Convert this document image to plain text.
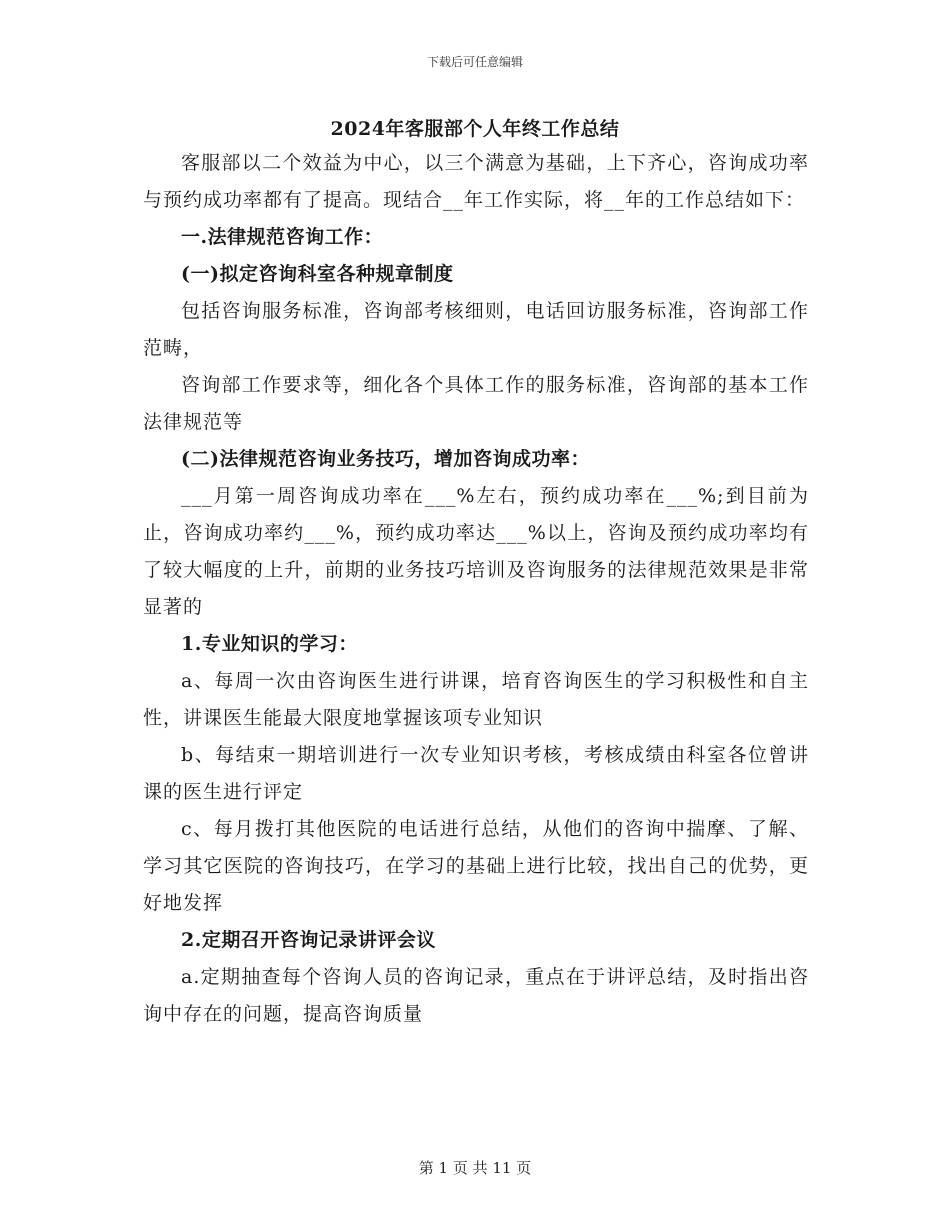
下载后可任意编辑
2024年客服部个人年终工作总结

客服部以二个效益为中心，以三个满意为基础，上下齐心，咨询成功率与预约成功率都有了提高。现结合__年工作实际，将__年的工作总结如下：

一.法律规范咨询工作：

(一)拟定咨询科室各种规章制度

包括咨询服务标准，咨询部考核细则，电话回访服务标准，咨询部工作范畴，

咨询部工作要求等，细化各个具体工作的服务标准，咨询部的基本工作法律规范等

(二)法律规范咨询业务技巧，增加咨询成功率：

___月第一周咨询成功率在___%左右，预约成功率在___%;到目前为止，咨询成功率约___%，预约成功率达___%以上，咨询及预约成功率均有了较大幅度的上升，前期的业务技巧培训及咨询服务的法律规范效果是非常显著的

1.专业知识的学习：

a、每周一次由咨询医生进行讲课，培育咨询医生的学习积极性和自主性，讲课医生能最大限度地掌握该项专业知识

b、每结束一期培训进行一次专业知识考核，考核成绩由科室各位曾讲课的医生进行评定

c、每月拨打其他医院的电话进行总结，从他们的咨询中揣摩、了解、学习其它医院的咨询技巧，在学习的基础上进行比较，找出自己的优势，更好地发挥

2.定期召开咨询记录讲评会议

a.定期抽查每个咨询人员的咨询记录，重点在于讲评总结，及时指出咨询中存在的问题，提高咨询质量

第 1 页 共 11 页
